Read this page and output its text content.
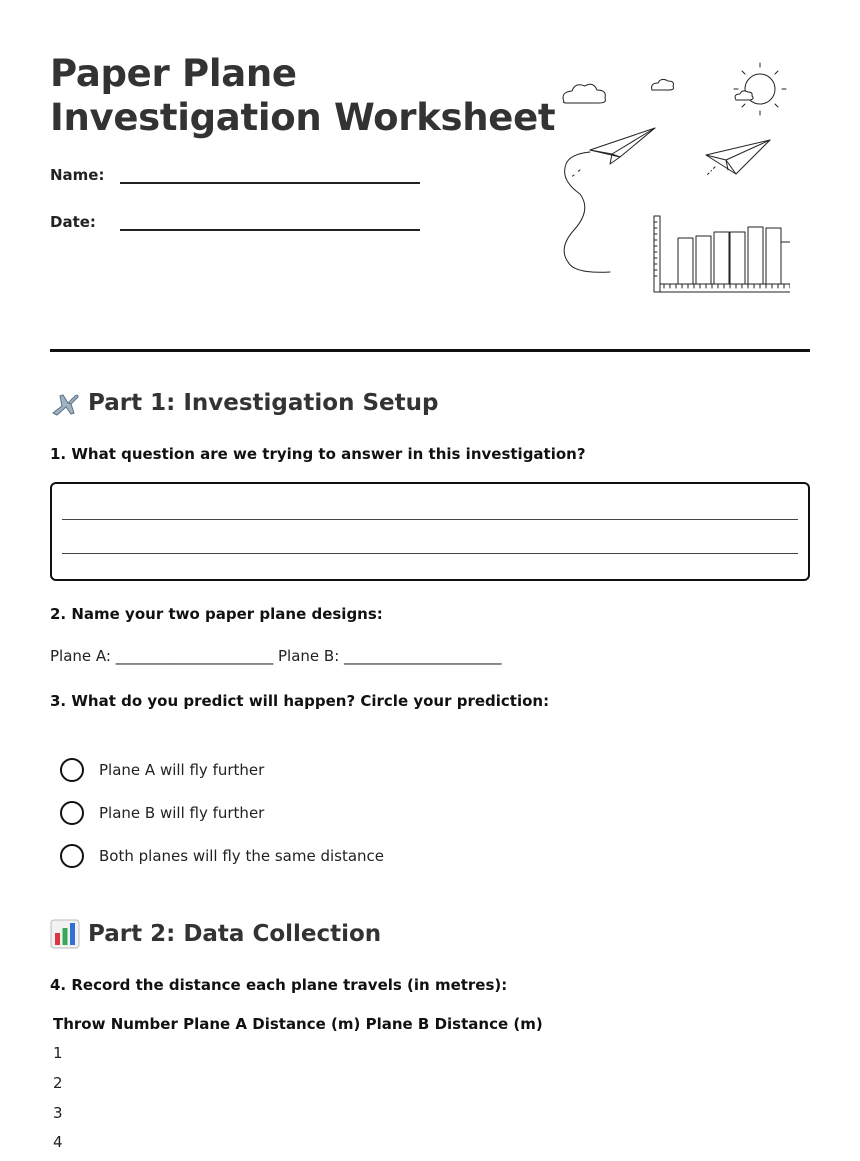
Paper Plane
Investigation Worksheet
Name:
Date:
Part 1: Investigation Setup
1. What question are we trying to answer in this investigation?
2. Name your two paper plane designs:
Plane A: _____________________ Plane B: _____________________
3. What do you predict will happen? Circle your prediction:
Plane A will fly further
Plane B will fly further
Both planes will fly the same distance
Part 2: Data Collection
4. Record the distance each plane travels (in metres):
Throw Number Plane A Distance (m) Plane B Distance (m)
1
2
3
4
